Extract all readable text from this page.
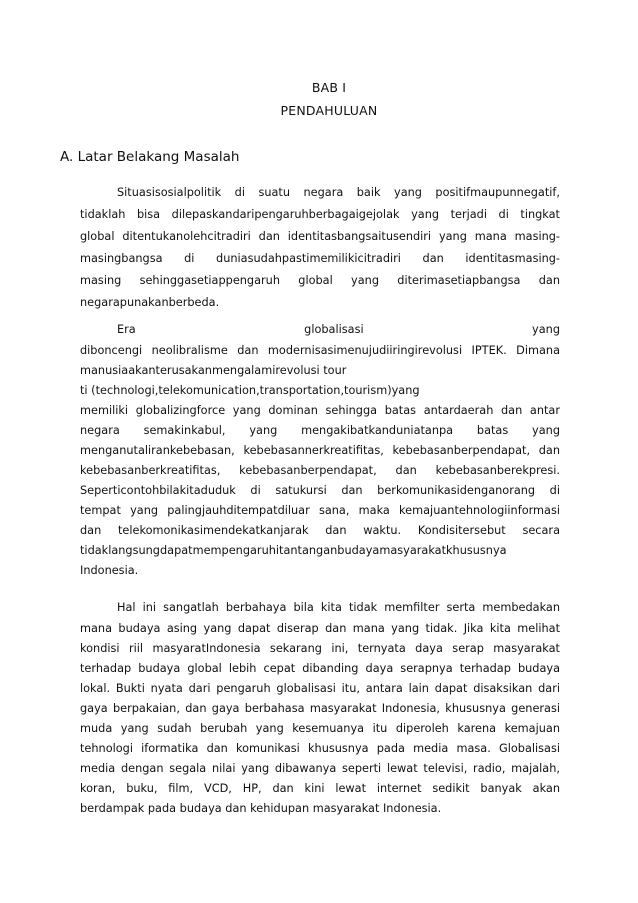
BAB I
PENDAHULUAN
A. Latar Belakang Masalah
Situasisosialpolitik di suatu negara baik yang positifmaupunnegatif,
tidaklah bisa dilepaskandaripengaruhberbagaigejolak yang terjadi di tingkat
global ditentukanolehcitradiri dan identitasbangsaitusendiri yang mana masing-
masingbangsa di duniasudahpastimemilikicitradiri dan identitasmasing-
masing sehinggasetiappengaruh global yang diterimasetiapbangsa dan
negarapunakanberbeda.
Era globalisasi yang
diboncengi neolibralisme dan modernisasimenujudiiringirevolusi IPTEK. Dimana
manusiaakanterusakanmengalamirevolusi tour
ti (technologi,telekomunication,transportation,tourism)yang
memiliki globalizingforce yang dominan sehingga batas antardaerah dan antar
negara semakinkabul, yang mengakibatkanduniatanpa batas yang
menganutalirankebebasan, kebebasannerkreatifitas, kebebasanberpendapat, dan
kebebasanberkreatifitas, kebebasanberpendapat, dan kebebasanberekpresi.
Seperticontohbilakitaduduk di satukursi dan berkomunikasidenganorang di
tempat yang palingjauhditempatdiluar sana, maka kemajuantehnologiinformasi
dan telekomonikasimendekatkanjarak dan waktu. Kondisitersebut secara
tidaklangsungdapatmempengaruhitantanganbudayamasyarakatkhususnya
Indonesia.
Hal ini sangatlah berbahaya bila kita tidak memfilter serta membedakan
mana budaya asing yang dapat diserap dan mana yang tidak. Jika kita melihat
kondisi riil masyaratIndonesia sekarang ini, ternyata daya serap masyarakat
terhadap budaya global lebih cepat dibanding daya serapnya terhadap budaya
lokal. Bukti nyata dari pengaruh globalisasi itu, antara lain dapat disaksikan dari
gaya berpakaian, dan gaya berbahasa masyarakat Indonesia, khususnya generasi
muda yang sudah berubah yang kesemuanya itu diperoleh karena kemajuan
tehnologi iformatika dan komunikasi khususnya pada media masa. Globalisasi
media dengan segala nilai yang dibawanya seperti lewat televisi, radio, majalah,
koran, buku, film, VCD, HP, dan kini lewat internet sedikit banyak akan
berdampak pada budaya dan kehidupan masyarakat Indonesia.
